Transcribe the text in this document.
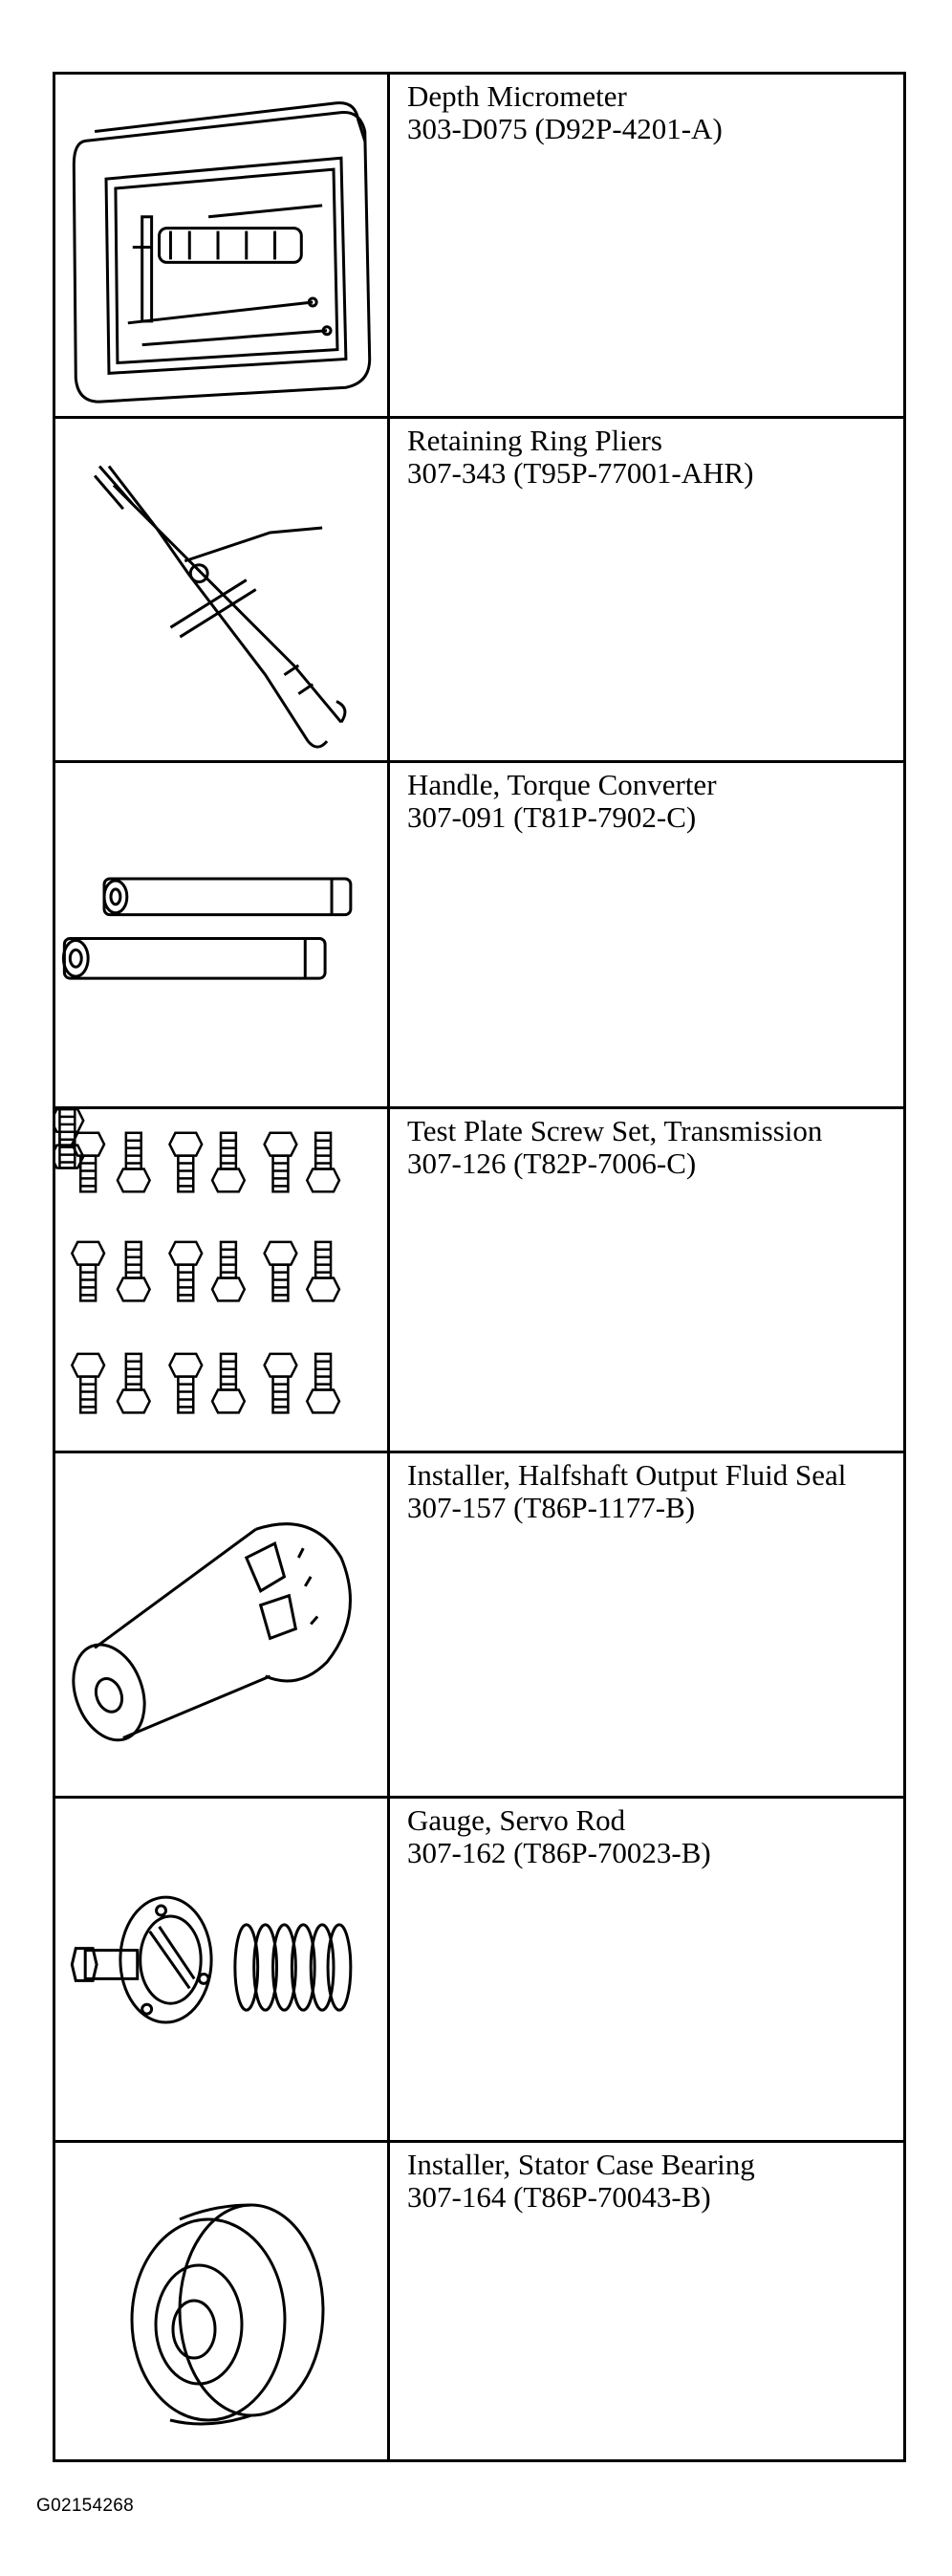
Depth Micrometer
303-D075 (D92P-4201-A)
Retaining Ring Pliers
307-343 (T95P-77001-AHR)
Handle, Torque Converter
307-091 (T81P-7902-C)
Test Plate Screw Set, Transmission
307-126 (T82P-7006-C)
Installer, Halfshaft Output Fluid Seal
307-157 (T86P-1177-B)
Gauge, Servo Rod
307-162 (T86P-70023-B)
Installer, Stator Case Bearing
307-164 (T86P-70043-B)
G02154268
